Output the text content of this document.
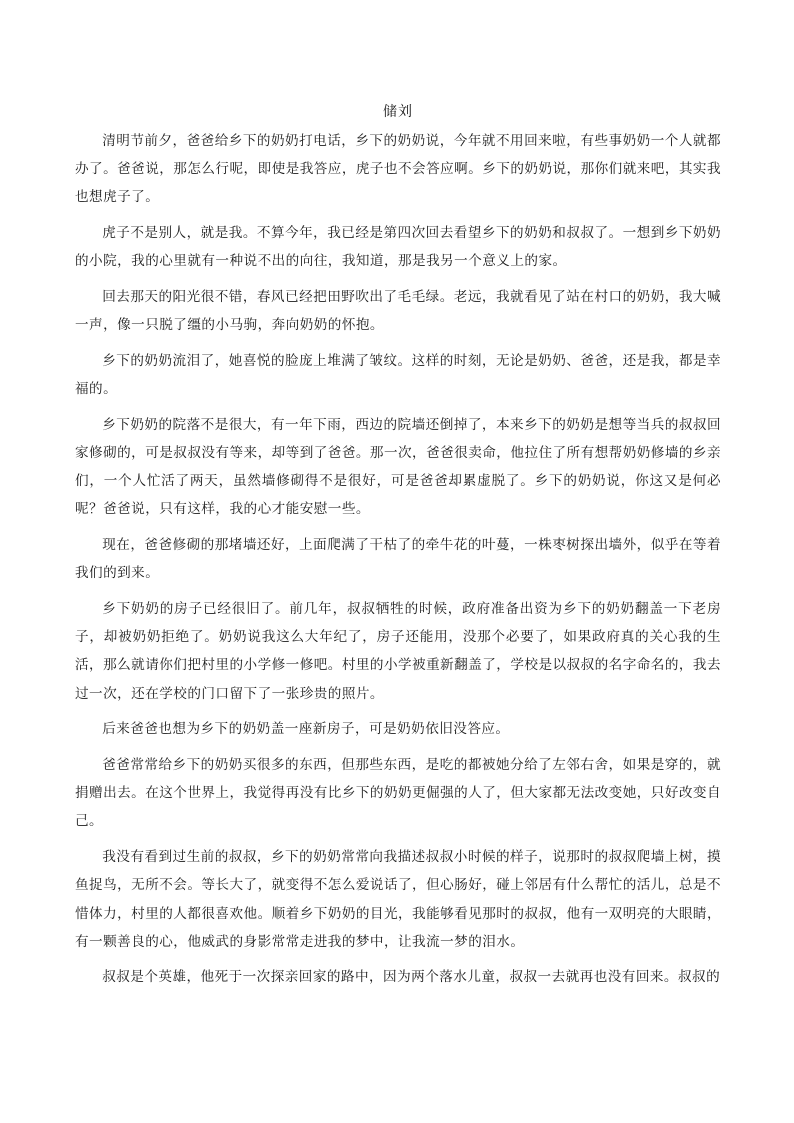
储刘

清明节前夕，爸爸给乡下的奶奶打电话，乡下的奶奶说，今年就不用回来啦，有些事奶奶一个人就都办了。爸爸说，那怎么行呢，即使是我答应，虎子也不会答应啊。乡下的奶奶说，那你们就来吧，其实我也想虎子了。

虎子不是别人，就是我。不算今年，我已经是第四次回去看望乡下的奶奶和叔叔了。一想到乡下奶奶的小院，我的心里就有一种说不出的向往，我知道，那是我另一个意义上的家。

回去那天的阳光很不错，春风已经把田野吹出了毛毛绿。老远，我就看见了站在村口的奶奶，我大喊一声，像一只脱了缰的小马驹，奔向奶奶的怀抱。

乡下的奶奶流泪了，她喜悦的脸庞上堆满了皱纹。这样的时刻，无论是奶奶、爸爸，还是我，都是幸福的。

乡下奶奶的院落不是很大，有一年下雨，西边的院墙还倒掉了，本来乡下的奶奶是想等当兵的叔叔回家修砌的，可是叔叔没有等来，却等到了爸爸。那一次，爸爸很卖命，他拉住了所有想帮奶奶修墙的乡亲们，一个人忙活了两天，虽然墙修砌得不是很好，可是爸爸却累虚脱了。乡下的奶奶说，你这又是何必呢？爸爸说，只有这样，我的心才能安慰一些。

现在，爸爸修砌的那堵墙还好，上面爬满了干枯了的牵牛花的叶蔓，一株枣树探出墙外，似乎在等着我们的到来。

乡下奶奶的房子已经很旧了。前几年，叔叔牺牲的时候，政府准备出资为乡下的奶奶翻盖一下老房子，却被奶奶拒绝了。奶奶说我这么大年纪了，房子还能用，没那个必要了，如果政府真的关心我的生活，那么就请你们把村里的小学修一修吧。村里的小学被重新翻盖了，学校是以叔叔的名字命名的，我去过一次，还在学校的门口留下了一张珍贵的照片。

后来爸爸也想为乡下的奶奶盖一座新房子，可是奶奶依旧没答应。

爸爸常常给乡下的奶奶买很多的东西，但那些东西，是吃的都被她分给了左邻右舍，如果是穿的，就捐赠出去。在这个世界上，我觉得再没有比乡下的奶奶更倔强的人了，但大家都无法改变她，只好改变自己。

我没有看到过生前的叔叔，乡下的奶奶常常向我描述叔叔小时候的样子，说那时的叔叔爬墙上树，摸鱼捉鸟，无所不会。等长大了，就变得不怎么爱说话了，但心肠好，碰上邻居有什么帮忙的活儿，总是不惜体力，村里的人都很喜欢他。顺着乡下奶奶的目光，我能够看见那时的叔叔，他有一双明亮的大眼睛，有一颗善良的心，他威武的身影常常走进我的梦中，让我流一梦的泪水。

叔叔是个英雄，他死于一次探亲回家的路中，因为两个落水儿童，叔叔一去就再也没有回来。叔叔的
